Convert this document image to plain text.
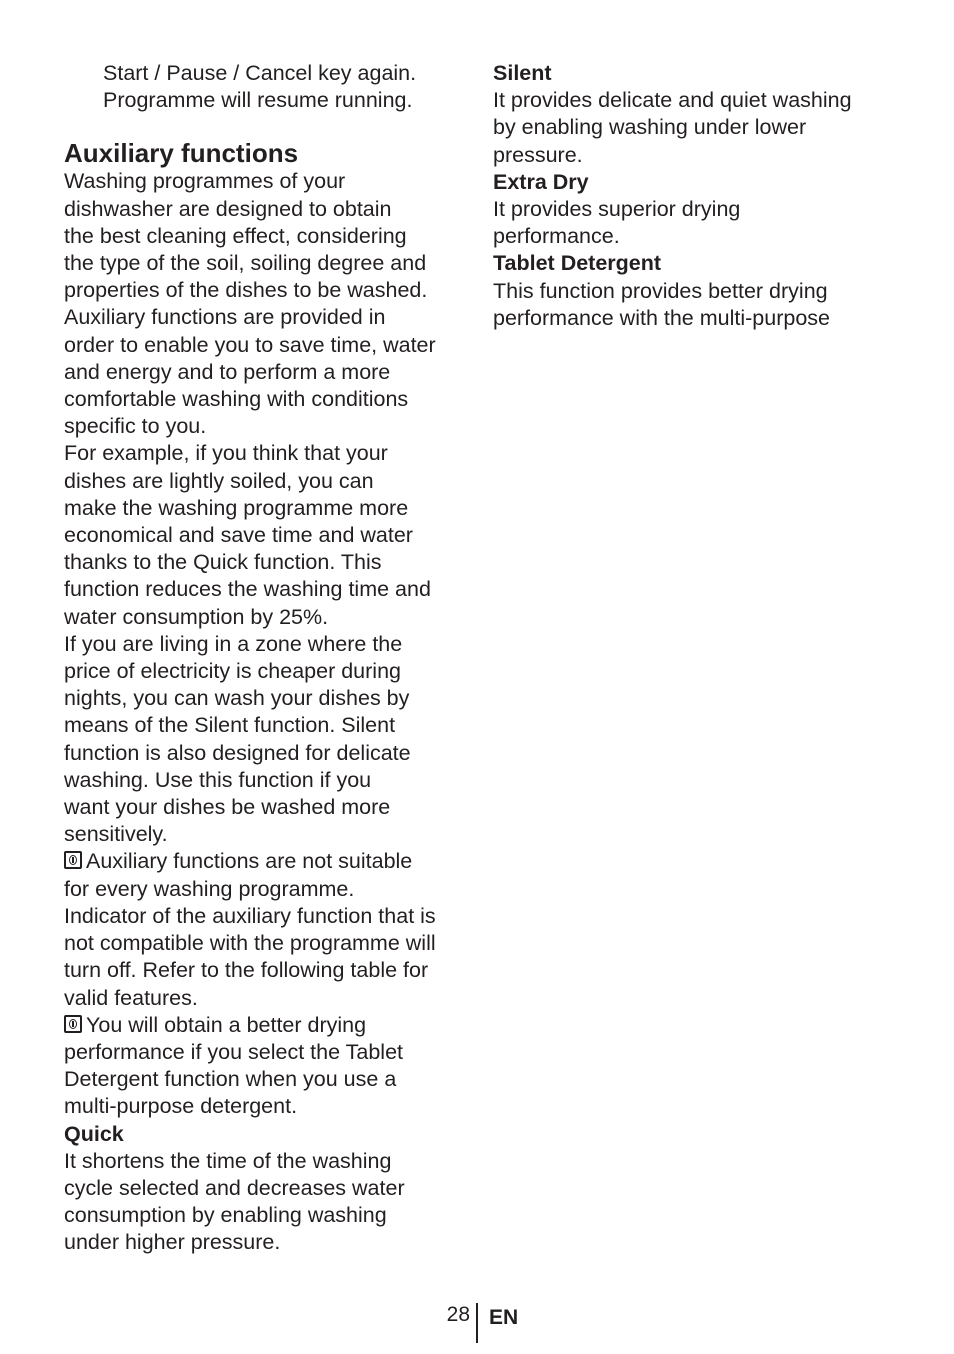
Start / Pause / Cancel key again.
Programme will resume running.
Auxiliary functions
Washing programmes of your
dishwasher are designed to obtain
the best cleaning effect, considering
the type of the soil, soiling degree and
properties of the dishes to be washed.
Auxiliary functions are provided in
order to enable you to save time, water
and energy and to perform a more
comfortable washing with conditions
specific to you.
For example, if you think that your
dishes are lightly soiled, you can
make the washing programme more
economical and save time and water
thanks to the Quick function. This
function reduces the washing time and
water consumption by 25%.
If you are living in a zone where the
price of electricity is cheaper during
nights, you can wash your dishes by
means of the Silent function. Silent
function is also designed for delicate
washing. Use this function if you
want your dishes be washed more
sensitively.
Auxiliary functions are not suitable
for every washing programme.
Indicator of the auxiliary function that is
not compatible with the programme will
turn off. Refer to the following table for
valid features.
You will obtain a better drying
performance if you select the Tablet
Detergent function when you use a
multi-purpose detergent.
Quick
It shortens the time of the washing
cycle selected and decreases water
consumption by enabling washing
under higher pressure.
Silent
It provides delicate and quiet washing
by enabling washing under lower
pressure.
Extra Dry
It provides superior drying
performance.
Tablet Detergent
This function provides better drying
performance with the multi-purpose
28 EN
